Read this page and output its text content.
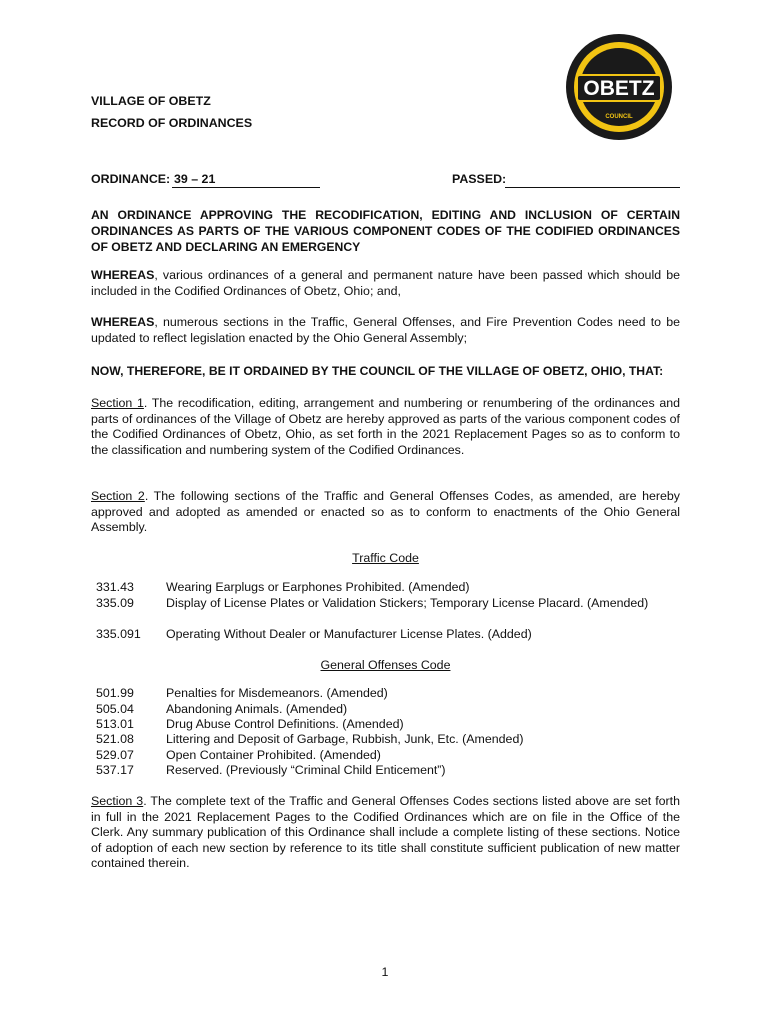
VILLAGE OF OBETZ
RECORD OF ORDINANCES
OBETZ
COUNCIL
ORDINANCE: 39 – 21	PASSED:
AN ORDINANCE APPROVING THE RECODIFICATION, EDITING AND INCLUSION OF CERTAIN ORDINANCES AS PARTS OF THE VARIOUS COMPONENT CODES OF THE CODIFIED ORDINANCES OF OBETZ AND DECLARING AN EMERGENCY
WHEREAS, various ordinances of a general and permanent nature have been passed which should be included in the Codified Ordinances of Obetz, Ohio; and,
WHEREAS, numerous sections in the Traffic, General Offenses, and Fire Prevention Codes need to be updated to reflect legislation enacted by the Ohio General Assembly;
NOW, THEREFORE, BE IT ORDAINED BY THE COUNCIL OF THE VILLAGE OF OBETZ, OHIO, THAT:
Section 1. The recodification, editing, arrangement and numbering or renumbering of the ordinances and parts of ordinances of the Village of Obetz are hereby approved as parts of the various component codes of the Codified Ordinances of Obetz, Ohio, as set forth in the 2021 Replacement Pages so as to conform to the classification and numbering system of the Codified Ordinances.
Section 2. The following sections of the Traffic and General Offenses Codes, as amended, are hereby approved and adopted as amended or enacted so as to conform to enactments of the Ohio General Assembly.
Traffic Code
331.43	Wearing Earplugs or Earphones Prohibited. (Amended)
335.09	Display of License Plates or Validation Stickers; Temporary License Placard. (Amended)
335.091	Operating Without Dealer or Manufacturer License Plates. (Added)
General Offenses Code
501.99	Penalties for Misdemeanors. (Amended)
505.04	Abandoning Animals. (Amended)
513.01	Drug Abuse Control Definitions. (Amended)
521.08	Littering and Deposit of Garbage, Rubbish, Junk, Etc. (Amended)
529.07	Open Container Prohibited. (Amended)
537.17	Reserved. (Previously “Criminal Child Enticement”)
Section 3. The complete text of the Traffic and General Offenses Codes sections listed above are set forth in full in the 2021 Replacement Pages to the Codified Ordinances which are on file in the Office of the Clerk. Any summary publication of this Ordinance shall include a complete listing of these sections. Notice of adoption of each new section by reference to its title shall constitute sufficient publication of new matter contained therein.
1
